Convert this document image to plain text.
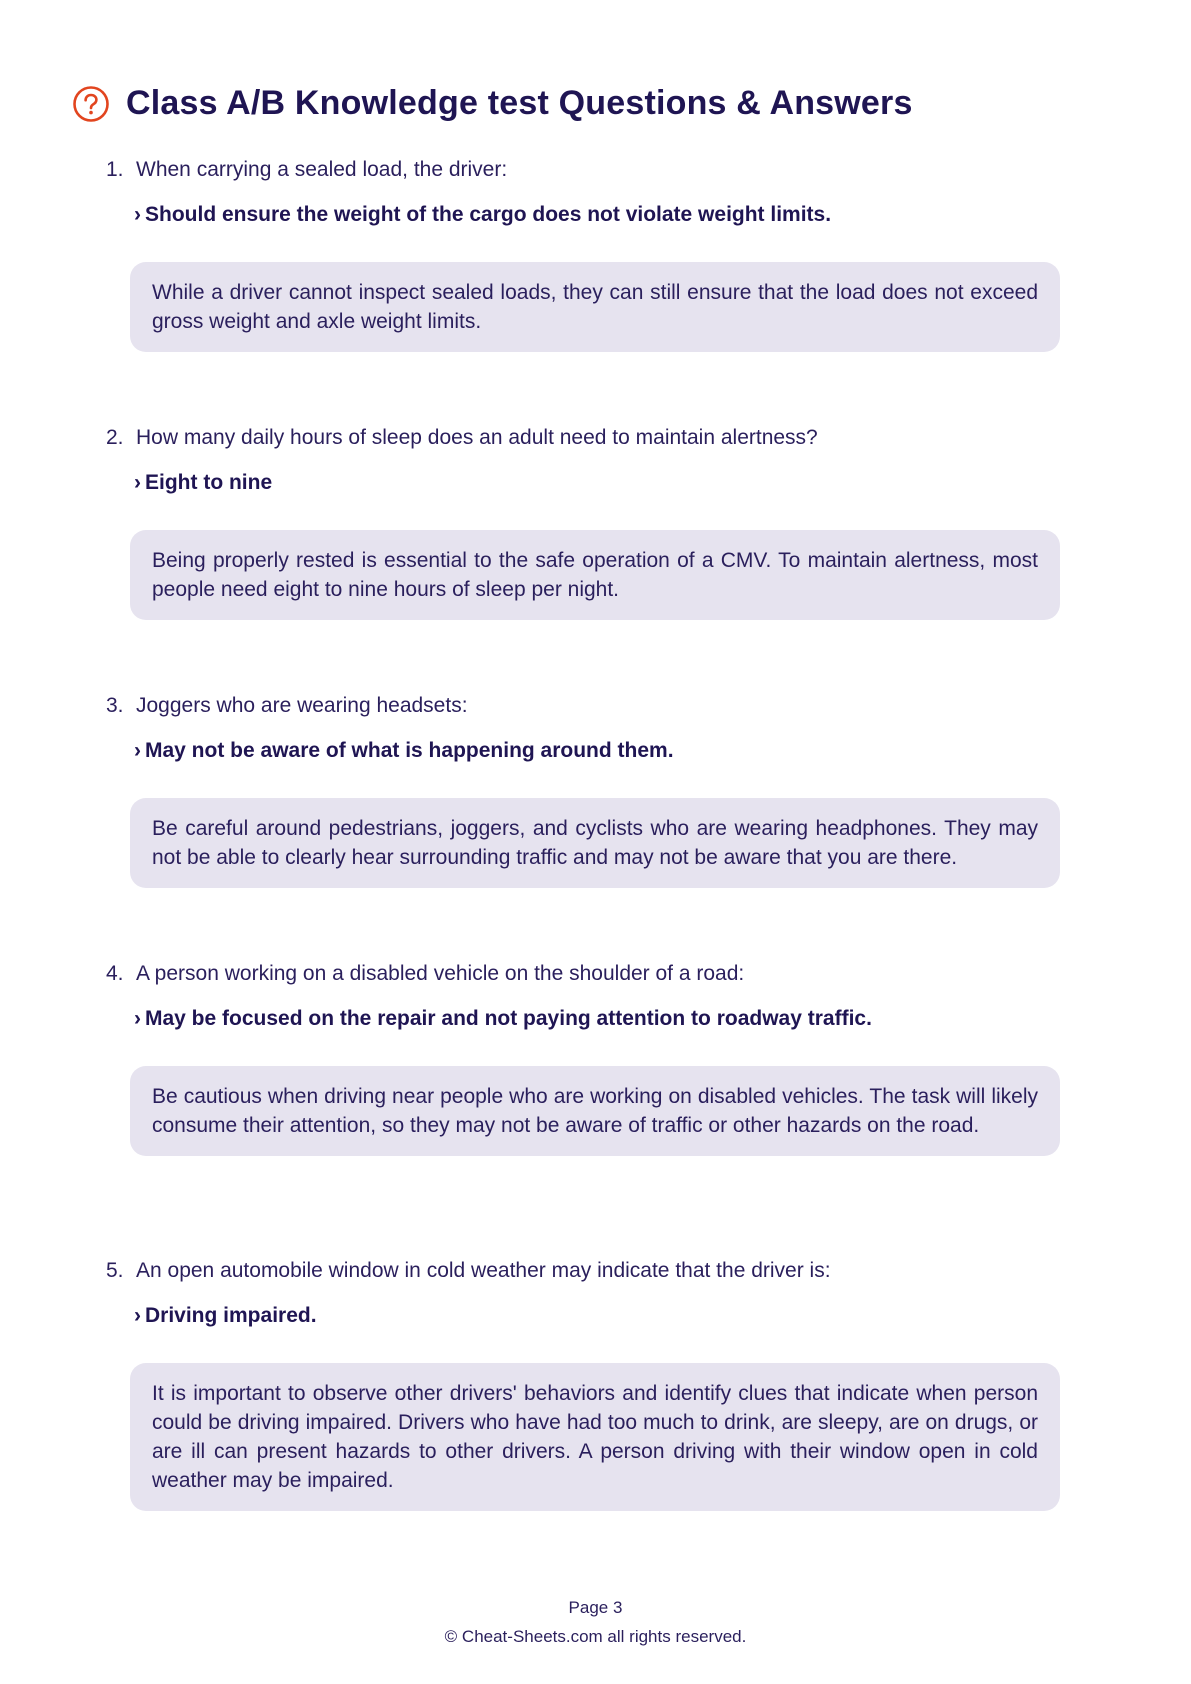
Class A/B Knowledge test Questions & Answers
1. When carrying a sealed load, the driver:
› Should ensure the weight of the cargo does not violate weight limits.
While a driver cannot inspect sealed loads, they can still ensure that the load does not exceed gross weight and axle weight limits.
2. How many daily hours of sleep does an adult need to maintain alertness?
› Eight to nine
Being properly rested is essential to the safe operation of a CMV. To maintain alertness, most people need eight to nine hours of sleep per night.
3. Joggers who are wearing headsets:
› May not be aware of what is happening around them.
Be careful around pedestrians, joggers, and cyclists who are wearing headphones. They may not be able to clearly hear surrounding traffic and may not be aware that you are there.
4. A person working on a disabled vehicle on the shoulder of a road:
› May be focused on the repair and not paying attention to roadway traffic.
Be cautious when driving near people who are working on disabled vehicles. The task will likely consume their attention, so they may not be aware of traffic or other hazards on the road.
5. An open automobile window in cold weather may indicate that the driver is:
› Driving impaired.
It is important to observe other drivers' behaviors and identify clues that indicate when person could be driving impaired. Drivers who have had too much to drink, are sleepy, are on drugs, or are ill can present hazards to other drivers. A person driving with their window open in cold weather may be impaired.
Page 3
© Cheat-Sheets.com all rights reserved.
